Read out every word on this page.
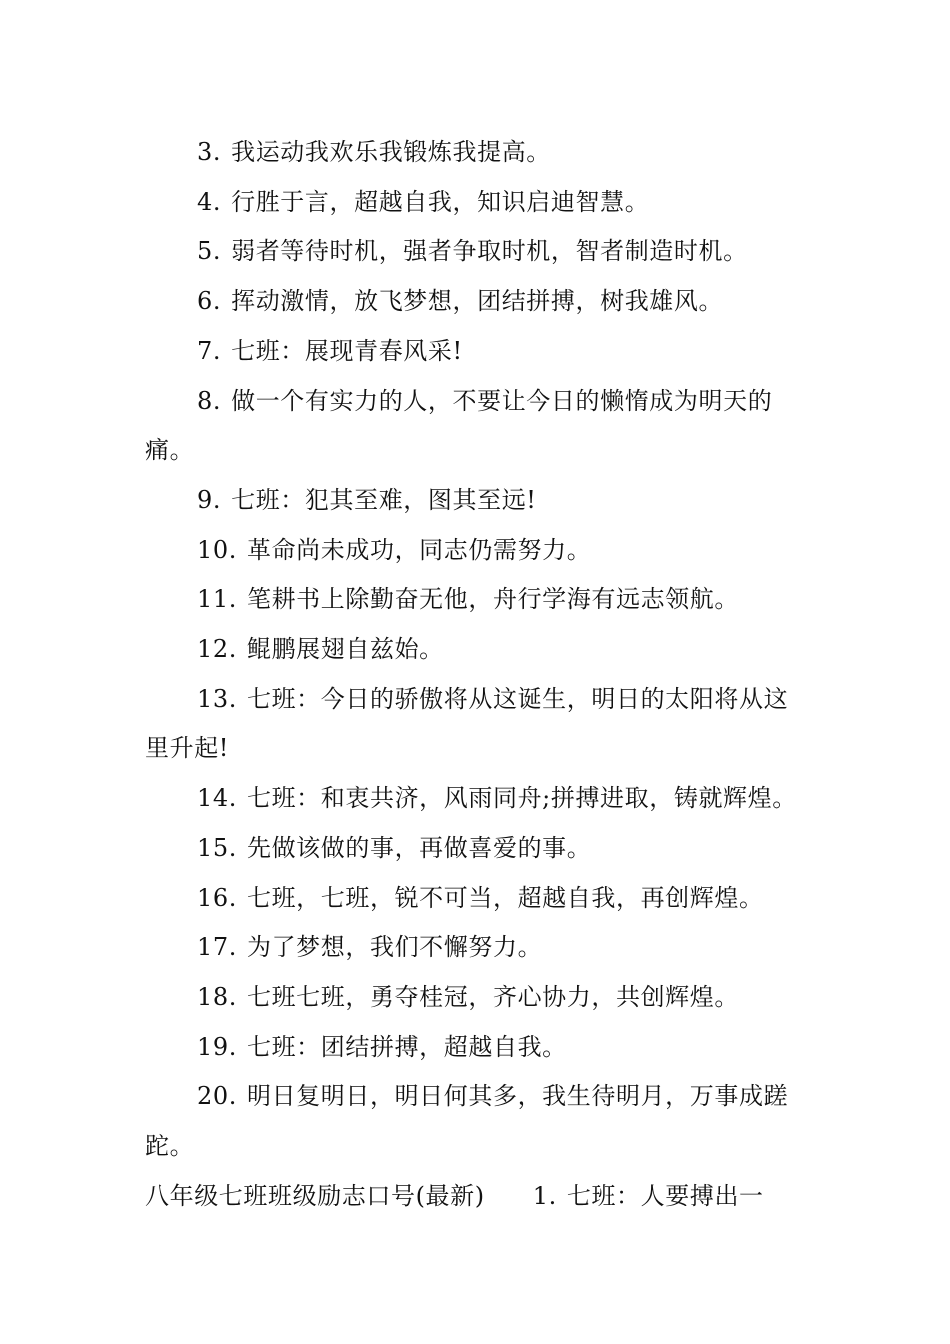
3. 我运动我欢乐我锻炼我提高。

4. 行胜于言，超越自我，知识启迪智慧。

5. 弱者等待时机，强者争取时机，智者制造时机。

6. 挥动激情，放飞梦想，团结拼搏，树我雄风。

7. 七班：展现青春风采!

8. 做一个有实力的人，不要让今日的懒惰成为明天的痛。

9. 七班：犯其至难，图其至远!

10. 革命尚未成功，同志仍需努力。

11. 笔耕书上除勤奋无他，舟行学海有远志领航。

12. 鲲鹏展翅自兹始。

13. 七班：今日的骄傲将从这诞生，明日的太阳将从这里升起!

14. 七班：和衷共济，风雨同舟;拼搏进取，铸就辉煌。

15. 先做该做的事，再做喜爱的事。

16. 七班，七班，锐不可当，超越自我，再创辉煌。

17. 为了梦想，我们不懈努力。

18. 七班七班，勇夺桂冠，齐心协力，共创辉煌。

19. 七班：团结拼搏，超越自我。

20. 明日复明日，明日何其多，我生待明月，万事成蹉跎。

八年级七班班级励志口号(最新) 1. 七班：人要搏出一
